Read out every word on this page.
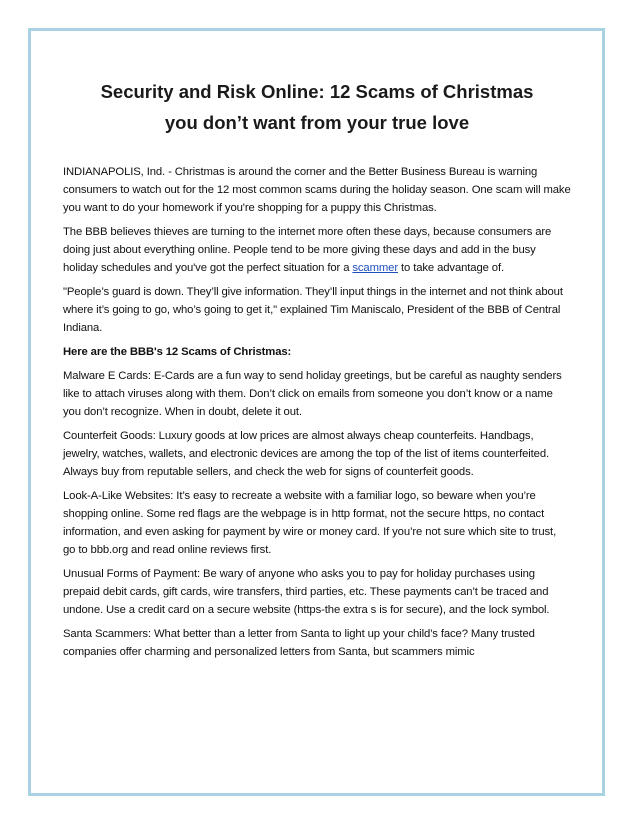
Security and Risk Online: 12 Scams of Christmas
you don’t want from your true love

INDIANAPOLIS, Ind. - Christmas is around the corner and the Better Business Bureau is warning consumers to watch out for the 12 most common scams during the holiday season. One scam will make you want to do your homework if you're shopping for a puppy this Christmas.

The BBB believes thieves are turning to the internet more often these days, because consumers are doing just about everything online. People tend to be more giving these days and add in the busy holiday schedules and you've got the perfect situation for a scammer to take advantage of.

"People’s guard is down. They’ll give information. They’ll input things in the internet and not think about where it’s going to go, who’s going to get it," explained Tim Maniscalo, President of the BBB of Central Indiana.

Here are the BBB's 12 Scams of Christmas:

Malware E Cards: E-Cards are a fun way to send holiday greetings, but be careful as naughty senders like to attach viruses along with them. Don’t click on emails from someone you don’t know or a name you don’t recognize. When in doubt, delete it out.

Counterfeit Goods: Luxury goods at low prices are almost always cheap counterfeits. Handbags, jewelry, watches, wallets, and electronic devices are among the top of the list of items counterfeited. Always buy from reputable sellers, and check the web for signs of counterfeit goods.

Look-A-Like Websites: It’s easy to recreate a website with a familiar logo, so beware when you’re shopping online. Some red flags are the webpage is in http format, not the secure https, no contact information, and even asking for payment by wire or money card. If you’re not sure which site to trust, go to bbb.org and read online reviews first.

Unusual Forms of Payment: Be wary of anyone who asks you to pay for holiday purchases using prepaid debit cards, gift cards, wire transfers, third parties, etc. These payments can’t be traced and undone. Use a credit card on a secure website (https-the extra s is for secure), and the lock symbol.

Santa Scammers: What better than a letter from Santa to light up your child’s face? Many trusted companies offer charming and personalized letters from Santa, but scammers mimic
